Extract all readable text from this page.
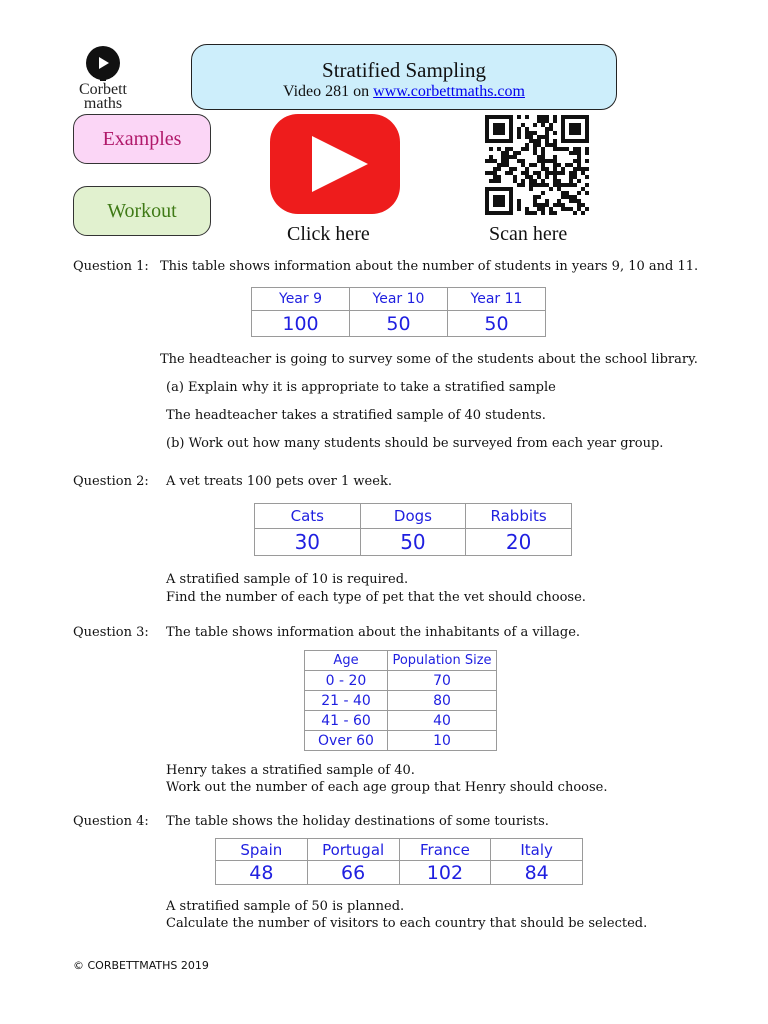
Corbett
maths
Stratified Sampling
Video 281 on www.corbettmaths.com
Examples
Workout
Click here	Scan here
Question 1: This table shows information about the number of students in years 9, 10 and 11.
Year 9	Year 10	Year 11
100	50	50
The headteacher is going to survey some of the students about the school library.
(a) Explain why it is appropriate to take a stratified sample
The headteacher takes a stratified sample of 40 students.
(b) Work out how many students should be surveyed from each year group.
Question 2: A vet treats 100 pets over 1 week.
Cats	Dogs	Rabbits
30	50	20
A stratified sample of 10 is required.
Find the number of each type of pet that the vet should choose.
Question 3: The table shows information about the inhabitants of a village.
Age	Population Size
0 - 20	70
21 - 40	80
41 - 60	40
Over 60	10
Henry takes a stratified sample of 40.
Work out the number of each age group that Henry should choose.
Question 4: The table shows the holiday destinations of some tourists.
Spain	Portugal	France	Italy
48	66	102	84
A stratified sample of 50 is planned.
Calculate the number of visitors to each country that should be selected.
© CORBETTMATHS 2019
